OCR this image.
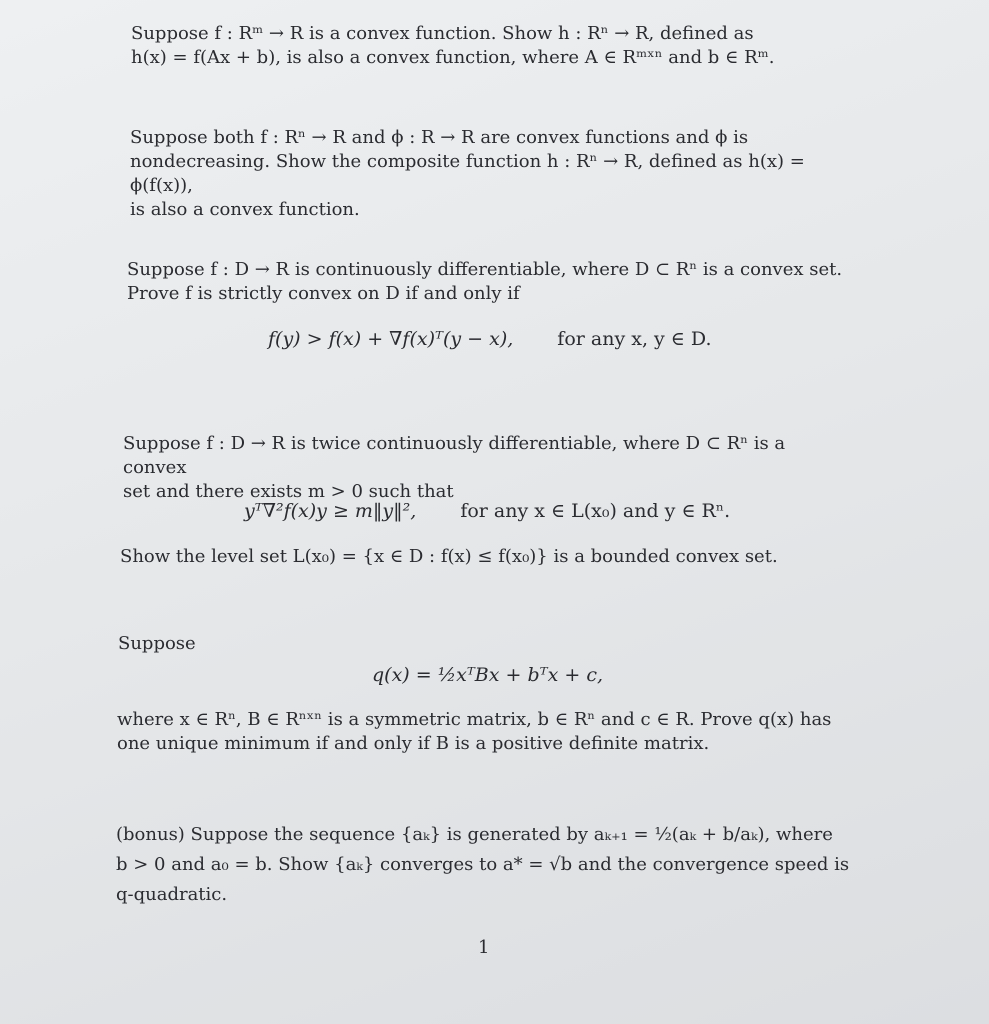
Suppose f : Rᵐ → R is a convex function. Show h : Rⁿ → R, defined as

h(x) = f(Ax + b), is also a convex function, where A ∈ Rᵐˣⁿ and b ∈ Rᵐ.

Suppose both f : Rⁿ → R and ϕ : R → R are convex functions and ϕ is

nondecreasing. Show the composite function h : Rⁿ → R, defined as h(x) = ϕ(f(x)),

is also a convex function.

Suppose f : D → R is continuously differentiable, where D ⊂ Rⁿ is a convex set.

Prove f is strictly convex on D if and only if

f(y) > f(x) + ∇f(x)ᵀ(y − x), for any x, y ∈ D.

Suppose f : D → R is twice continuously differentiable, where D ⊂ Rⁿ is a convex

set and there exists m > 0 such that

yᵀ∇²f(x)y ≥ m‖y‖², for any x ∈ L(x₀) and y ∈ Rⁿ.

Show the level set L(x₀) = {x ∈ D : f(x) ≤ f(x₀)} is a bounded convex set.

Suppose

q(x) = ½xᵀBx + bᵀx + c,

where x ∈ Rⁿ, B ∈ Rⁿˣⁿ is a symmetric matrix, b ∈ Rⁿ and c ∈ R. Prove q(x) has

one unique minimum if and only if B is a positive definite matrix.

(bonus) Suppose the sequence {aₖ} is generated by aₖ₊₁ = ½(aₖ + b/aₖ), where

b > 0 and a₀ = b. Show {aₖ} converges to a* = √b and the convergence speed is

q-quadratic.

1
